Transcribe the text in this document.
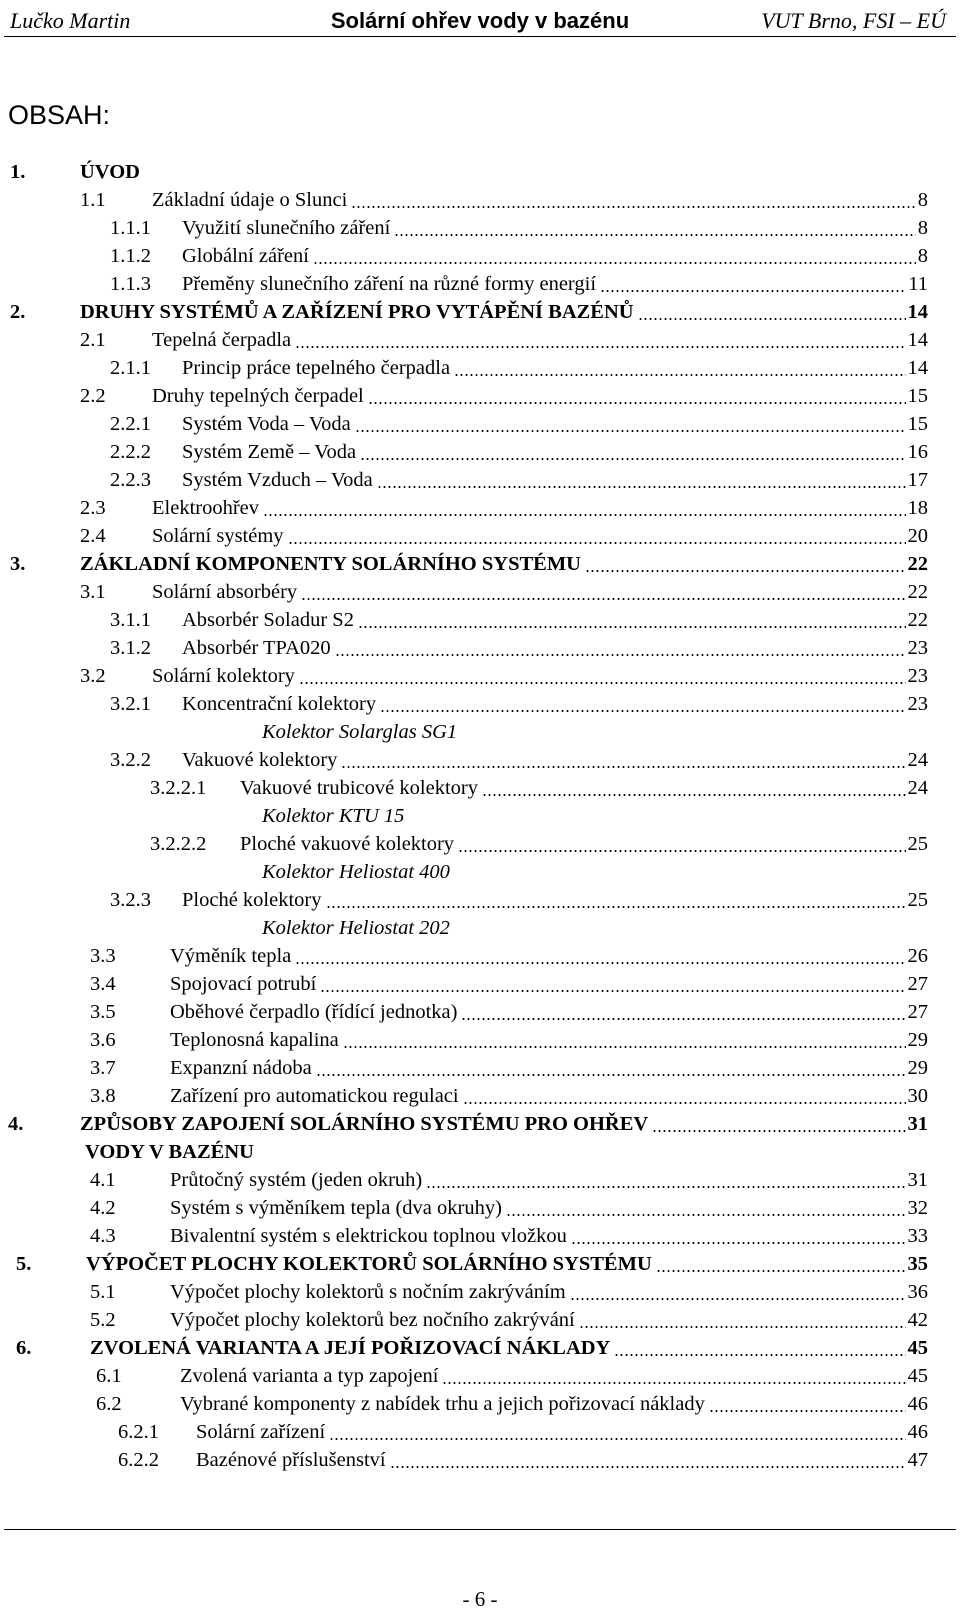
Lučko Martin	Solární ohřev vody v bazénu	VUT Brno, FSI – EÚ
OBSAH:
1.	ÚVOD
1.1 Základní údaje o Slunci	8
1.1.1 Využití slunečního záření	8
1.1.2 Globální záření	8
1.1.3 Přeměny slunečního záření na různé formy energií	11
2.	DRUHY SYSTÉMŮ A ZAŘÍZENÍ PRO VYTÁPĚNÍ BAZÉNŮ	14
2.1 Tepelná čerpadla	14
2.1.1 Princip práce tepelného čerpadla	14
2.2 Druhy tepelných čerpadel	15
2.2.1 Systém Voda – Voda	15
2.2.2 Systém Země – Voda	16
2.2.3 Systém Vzduch – Voda	17
2.3 Elektroohřev	18
2.4 Solární systémy	20
3.	ZÁKLADNÍ KOMPONENTY SOLÁRNÍHO SYSTÉMU	22
3.1 Solární absorbéry	22
3.1.1 Absorbér Soladur S2	22
3.1.2 Absorbér TPA020	23
3.2 Solární kolektory	23
3.2.1 Koncentrační kolektory	23
Kolektor Solarglas SG1
3.2.2 Vakuové kolektory	24
3.2.2.1 Vakuové trubicové kolektory	24
Kolektor KTU 15
3.2.2.2 Ploché vakuové kolektory	25
Kolektor Heliostat 400
3.2.3 Ploché kolektory	25
Kolektor Heliostat 202
3.3	Výměník tepla	26
3.4	Spojovací potrubí	27
3.5	Oběhové čerpadlo (řídící jednotka)	27
3.6	Teplonosná kapalina	29
3.7	Expanzní nádoba	29
3.8	Zařízení pro automatickou regulaci	30
4.	ZPŮSOBY ZAPOJENÍ SOLÁRNÍHO SYSTÉMU PRO OHŘEV	31
VODY V BAZÉNU
4.1	Průtočný systém (jeden okruh)	31
4.2	Systém s výměníkem tepla (dva okruhy)	32
4.3	Bivalentní systém s elektrickou toplnou vložkou	33
5.	VÝPOČET PLOCHY KOLEKTORŮ SOLÁRNÍHO SYSTÉMU	35
5.1	Výpočet plochy kolektorů s nočním zakrýváním	36
5.2	Výpočet plochy kolektorů bez nočního zakrývání	42
6.	ZVOLENÁ VARIANTA A JEJÍ POŘIZOVACÍ NÁKLADY	45
6.1	Zvolená varianta a typ zapojení	45
6.2	Vybrané komponenty z nabídek trhu a jejich pořizovací náklady	46
6.2.1 Solární zařízení	46
6.2.2 Bazénové příslušenství	47
- 6 -
